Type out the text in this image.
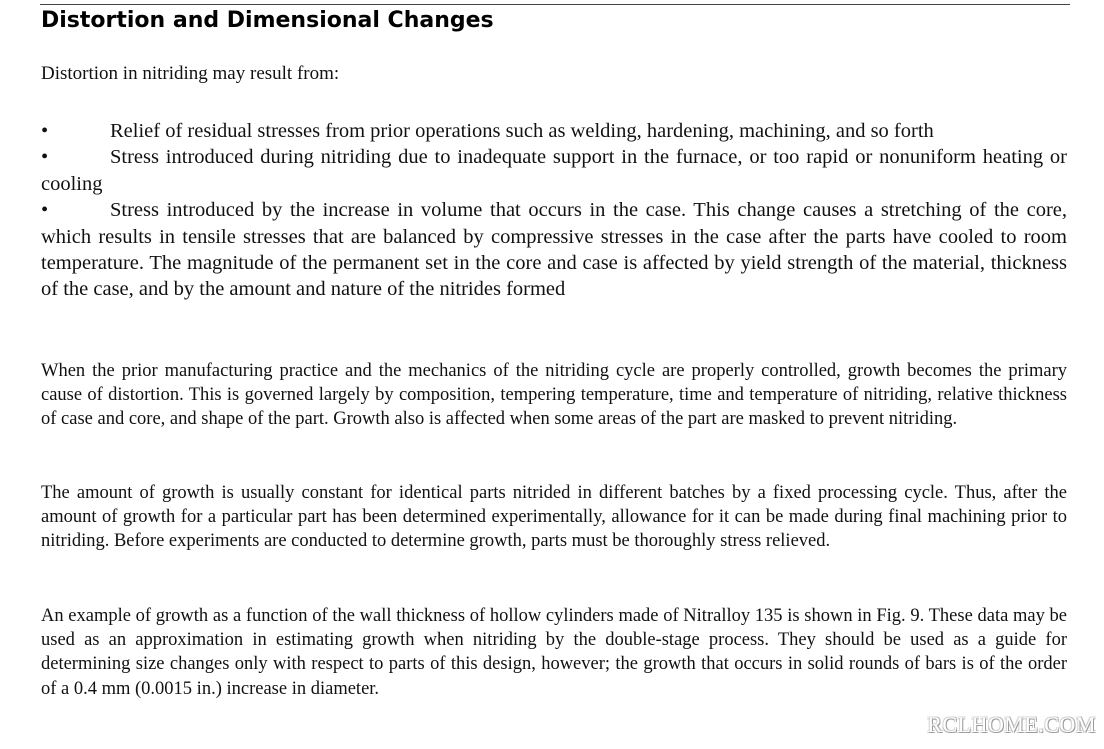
Distortion and Dimensional Changes

Distortion in nitriding may result from:

•	Relief of residual stresses from prior operations such as welding, hardening, machining, and so forth
•	Stress introduced during nitriding due to inadequate support in the furnace, or too rapid or nonuniform heating or cooling
•	Stress introduced by the increase in volume that occurs in the case. This change causes a stretching of the core, which results in tensile stresses that are balanced by compressive stresses in the case after the parts have cooled to room temperature. The magnitude of the permanent set in the core and case is affected by yield strength of the material, thickness of the case, and by the amount and nature of the nitrides formed

When the prior manufacturing practice and the mechanics of the nitriding cycle are properly controlled, growth becomes the primary cause of distortion. This is governed largely by composition, tempering temperature, time and temperature of nitriding, relative thickness of case and core, and shape of the part. Growth also is affected when some areas of the part are masked to prevent nitriding.

The amount of growth is usually constant for identical parts nitrided in different batches by a fixed processing cycle. Thus, after the amount of growth for a particular part has been determined experimentally, allowance for it can be made during final machining prior to nitriding. Before experiments are conducted to determine growth, parts must be thoroughly stress relieved.

An example of growth as a function of the wall thickness of hollow cylinders made of Nitralloy 135 is shown in Fig. 9. These data may be used as an approximation in estimating growth when nitriding by the double-stage process. They should be used as a guide for determining size changes only with respect to parts of this design, however; the growth that occurs in solid rounds of bars is of the order of a 0.4 mm (0.0015 in.) increase in diameter.

RCLHOME.COM
